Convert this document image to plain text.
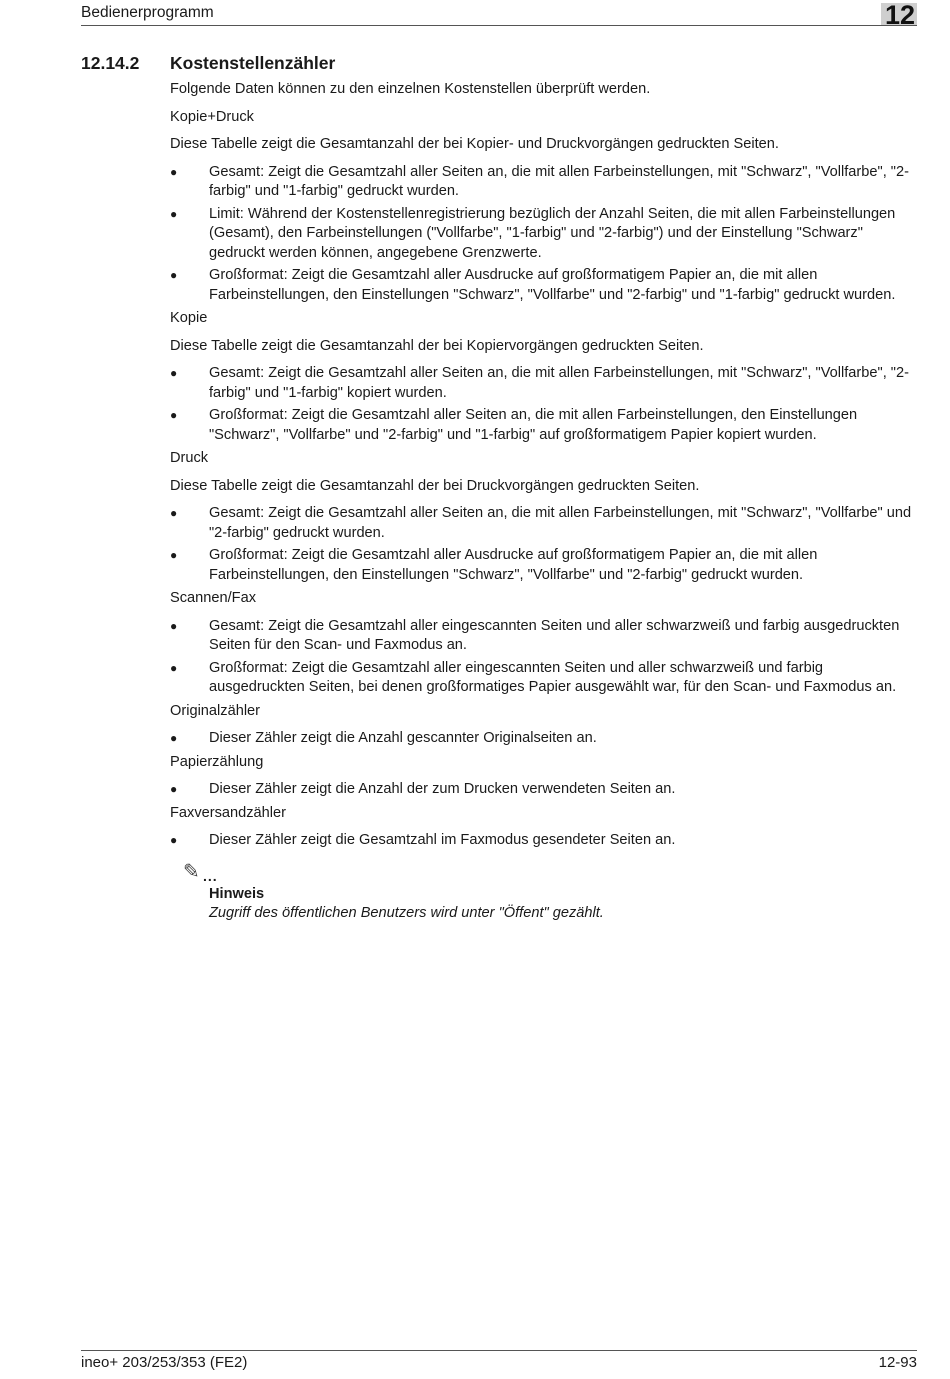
Bedienerprogramm	12
12.14.2 Kostenstellenzähler

Folgende Daten können zu den einzelnen Kostenstellen überprüft werden.

Kopie+Druck

Diese Tabelle zeigt die Gesamtanzahl der bei Kopier- und Druckvorgängen gedruckten Seiten.

● Gesamt: Zeigt die Gesamtzahl aller Seiten an, die mit allen Farbeinstellungen, mit "Schwarz", "Vollfarbe", "2-farbig" und "1-farbig" gedruckt wurden.
● Limit: Während der Kostenstellenregistrierung bezüglich der Anzahl Seiten, die mit allen Farbeinstellungen (Gesamt), den Farbeinstellungen ("Vollfarbe", "1-farbig" und "2-farbig") und der Einstellung "Schwarz" gedruckt werden können, angegebene Grenzwerte.
● Großformat: Zeigt die Gesamtzahl aller Ausdrucke auf großformatigem Papier an, die mit allen Farbeinstellungen, den Einstellungen "Schwarz", "Vollfarbe" und "2-farbig" und "1-farbig" gedruckt wurden.

Kopie

Diese Tabelle zeigt die Gesamtanzahl der bei Kopiervorgängen gedruckten Seiten.

● Gesamt: Zeigt die Gesamtzahl aller Seiten an, die mit allen Farbeinstellungen, mit "Schwarz", "Vollfarbe", "2-farbig" und "1-farbig" kopiert wurden.
● Großformat: Zeigt die Gesamtzahl aller Seiten an, die mit allen Farbeinstellungen, den Einstellungen "Schwarz", "Vollfarbe" und "2-farbig" und "1-farbig" auf großformatigem Papier kopiert wurden.

Druck

Diese Tabelle zeigt die Gesamtanzahl der bei Druckvorgängen gedruckten Seiten.

● Gesamt: Zeigt die Gesamtzahl aller Seiten an, die mit allen Farbeinstellungen, mit "Schwarz", "Vollfarbe" und "2-farbig" gedruckt wurden.
● Großformat: Zeigt die Gesamtzahl aller Ausdrucke auf großformatigem Papier an, die mit allen Farbeinstellungen, den Einstellungen "Schwarz", "Vollfarbe" und "2-farbig" gedruckt wurden.

Scannen/Fax

● Gesamt: Zeigt die Gesamtzahl aller eingescannten Seiten und aller schwarzweiß und farbig ausgedruckten Seiten für den Scan- und Faxmodus an.
● Großformat: Zeigt die Gesamtzahl aller eingescannten Seiten und aller schwarzweiß und farbig ausgedruckten Seiten, bei denen großformatiges Papier ausgewählt war, für den Scan- und Faxmodus an.

Originalzähler

● Dieser Zähler zeigt die Anzahl gescannter Originalseiten an.

Papierzählung

● Dieser Zähler zeigt die Anzahl der zum Drucken verwendeten Seiten an.

Faxversandzähler

● Dieser Zähler zeigt die Gesamtzahl im Faxmodus gesendeter Seiten an.
✎ ...
Hinweis
Zugriff des öffentlichen Benutzers wird unter "Öffent" gezählt.
ineo+ 203/253/353 (FE2)	12-93
